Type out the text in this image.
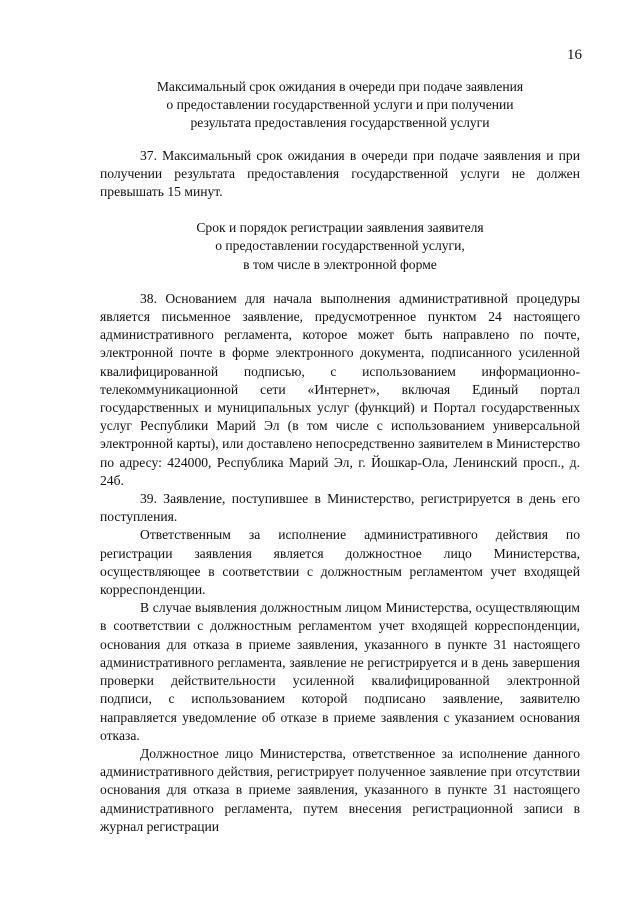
16
Максимальный срок ожидания в очереди при подаче заявления
о предоставлении государственной услуги и при получении
результата предоставления государственной услуги

37. Максимальный срок ожидания в очереди при подаче заявления и при получении результата предоставления государственной услуги не должен превышать 15 минут.

Срок и порядок регистрации заявления заявителя
о предоставлении государственной услуги,
в том числе в электронной форме

38. Основанием для начала выполнения административной процедуры является письменное заявление, предусмотренное пунктом 24 настоящего административного регламента, которое может быть направлено по почте, электронной почте в форме электронного документа, подписанного усиленной квалифицированной подписью, с использованием информационно-телекоммуникационной сети «Интернет», включая Единый портал государственных и муниципальных услуг (функций) и Портал государственных услуг Республики Марий Эл (в том числе с использованием универсальной электронной карты), или доставлено непосредственно заявителем в Министерство по адресу: 424000, Республика Марий Эл, г. Йошкар-Ола, Ленинский просп., д. 24б.

39. Заявление, поступившее в Министерство, регистрируется в день его поступления.

Ответственным за исполнение административного действия по регистрации заявления является должностное лицо Министерства, осуществляющее в соответствии с должностным регламентом учет входящей корреспонденции.

В случае выявления должностным лицом Министерства, осуществляющим в соответствии с должностным регламентом учет входящей корреспонденции, основания для отказа в приеме заявления, указанного в пункте 31 настоящего административного регламента, заявление не регистрируется и в день завершения проверки действительности усиленной квалифицированной электронной подписи, с использованием которой подписано заявление, заявителю направляется уведомление об отказе в приеме заявления с указанием основания отказа.

Должностное лицо Министерства, ответственное за исполнение данного административного действия, регистрирует полученное заявление при отсутствии основания для отказа в приеме заявления, указанного в пункте 31 настоящего административного регламента, путем внесения регистрационной записи в журнал регистрации
